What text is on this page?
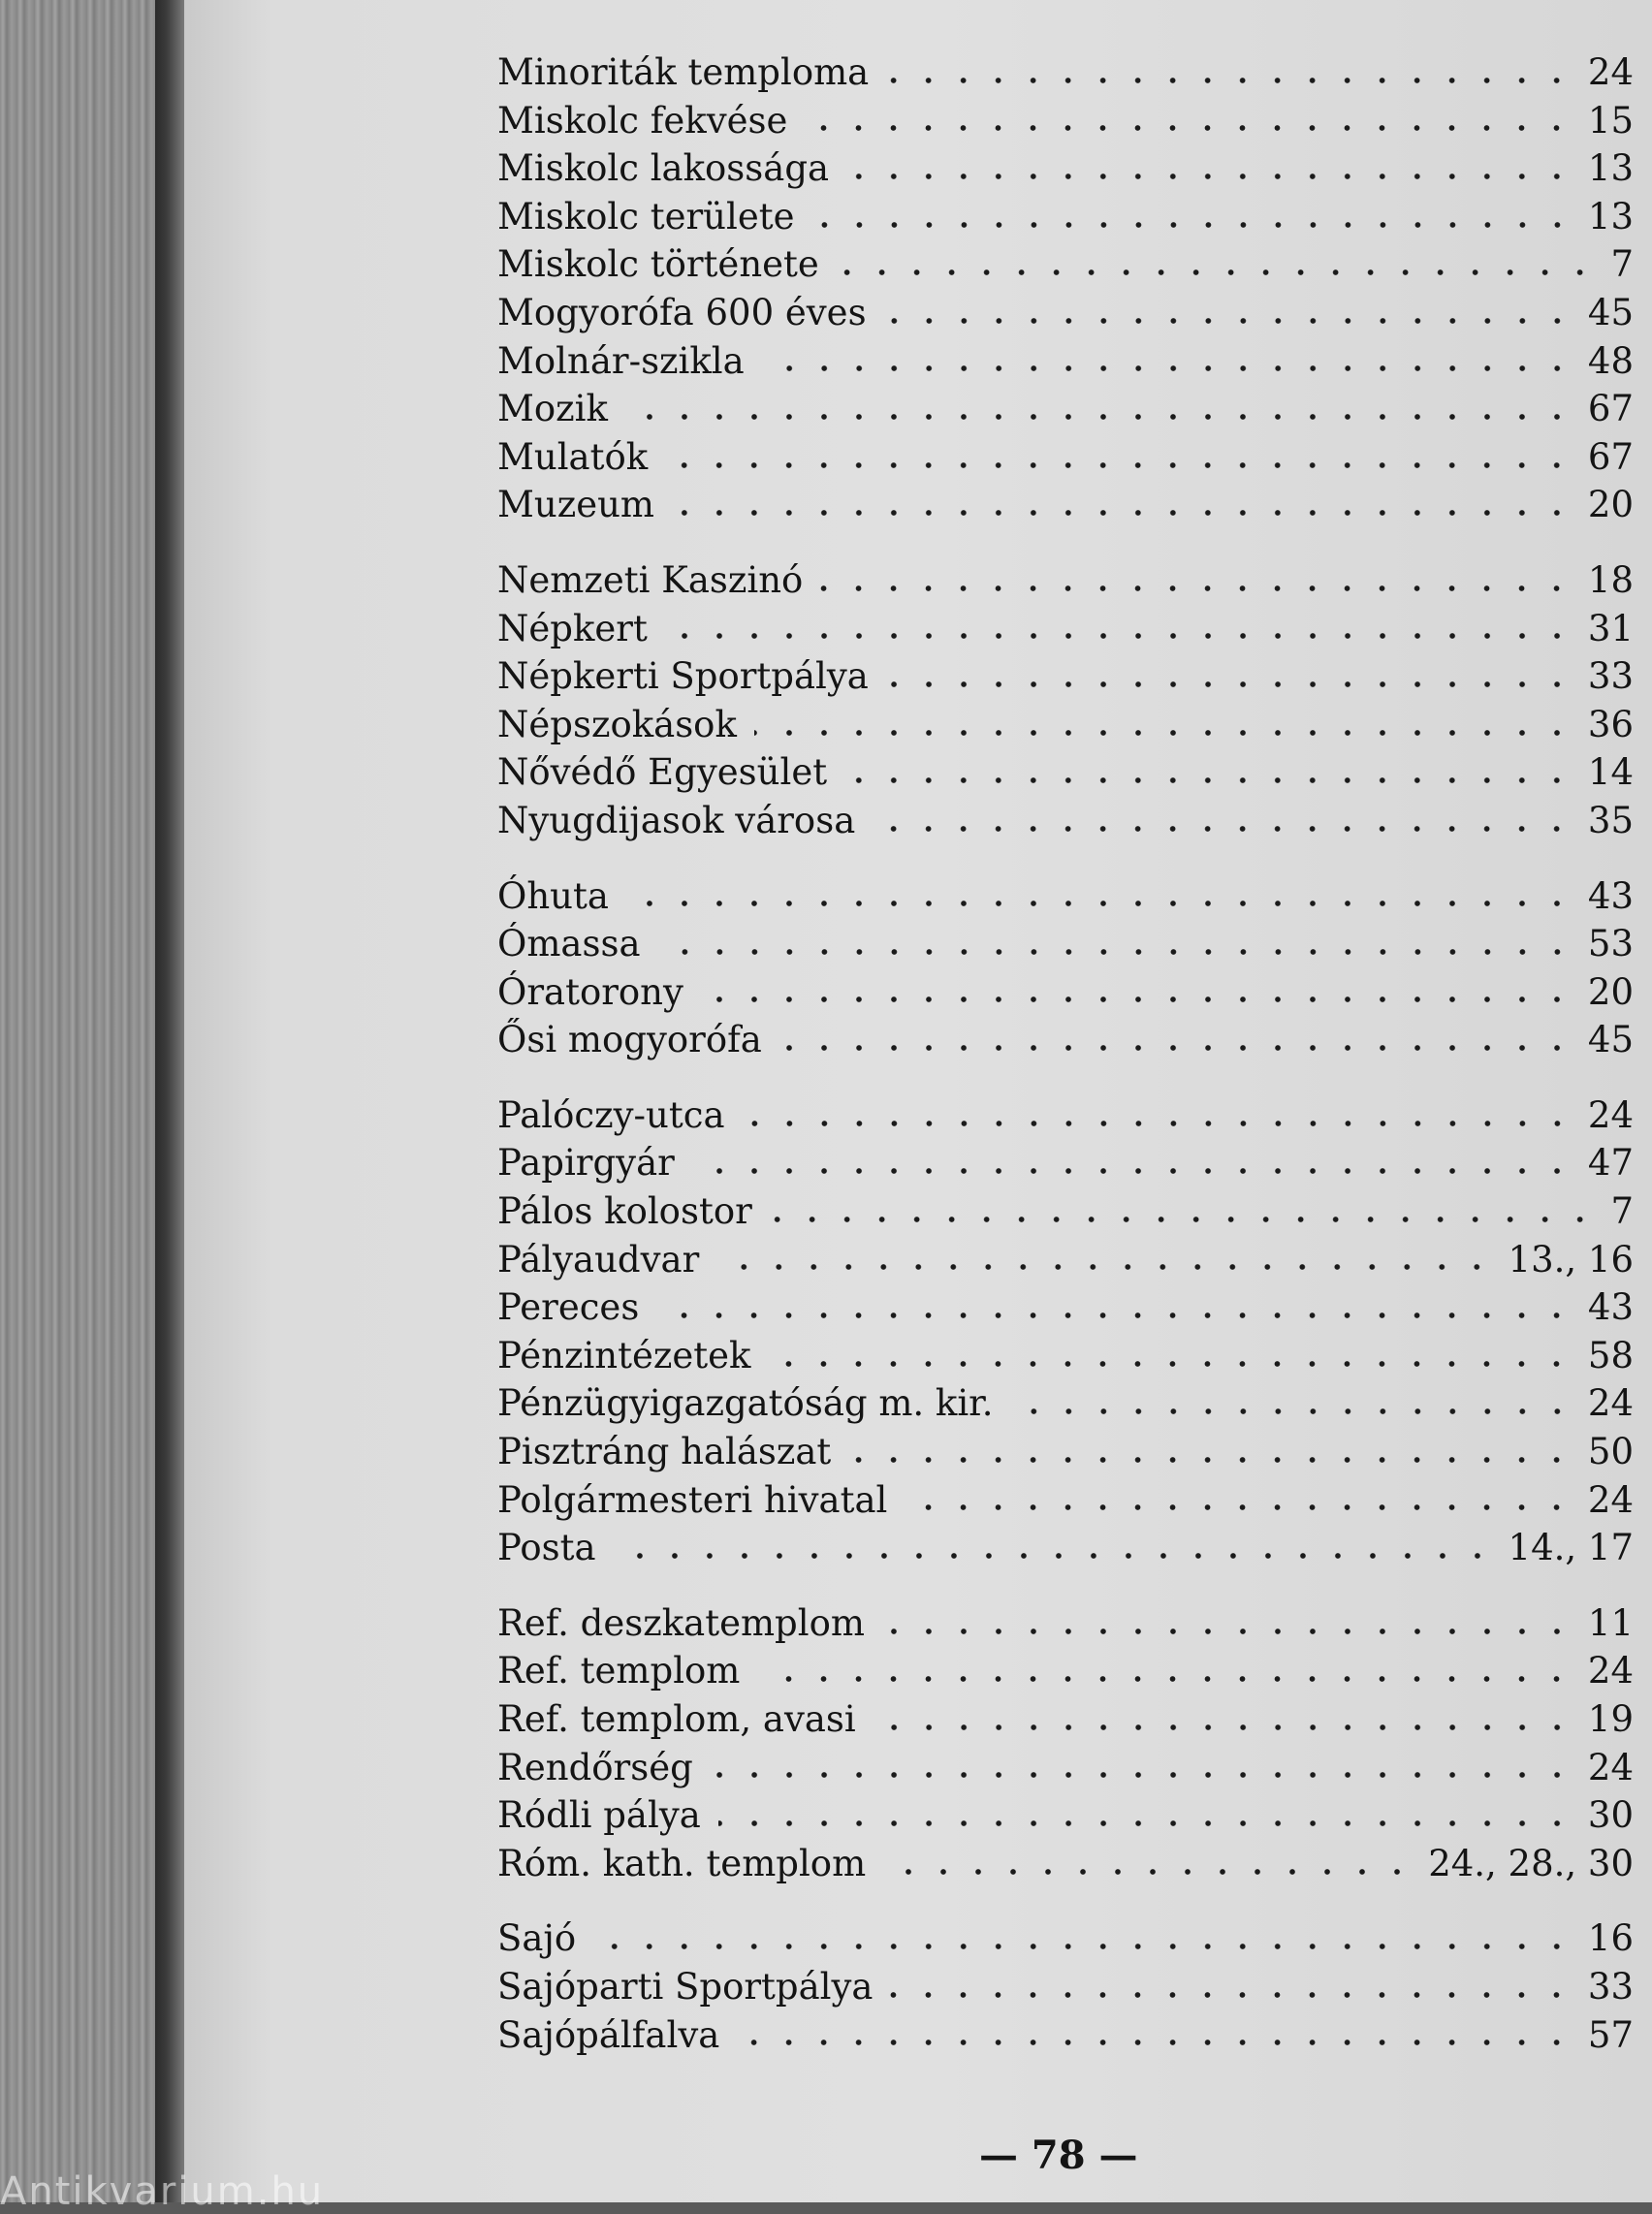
Minoriták templomа	24
Miskolc fekvése	15
Miskolc lakossága	13
Miskolc területe	13
Miskolc története	7
Mogyorófa 600 éves	45
Molnár-szikla	48
Mozik	67
Mulatók	67
Muzeum	20
Nemzeti Kaszinó	18
Népkert	31
Népkerti Sportpálya	33
Népszokások	36
Nővédő Egyesület	14
Nyugdijasok városa	35
Óhuta	43
Ómassa	53
Óratorony	20
Ősi mogyorófa	45
Palóczy-utca	24
Papirgyár	47
Pálos kolostor	7
Pályaudvar	13., 16
Pereces	43
Pénzintézetek	58
Pénzügyigazgatóság m. kir.	24
Pisztráng halászat	50
Polgármesteri hivatal	24
Posta	14., 17
Ref. deszkatemplom	11
Ref. templom	24
Ref. templom, avasi	19
Rendőrség	24
Ródli pálya	30
Róm. kath. templom	24., 28., 30
Sajó	16
Sajóparti Sportpálya	33
Sajópálfalva	57
— 78 —
Antikvarium.hu
